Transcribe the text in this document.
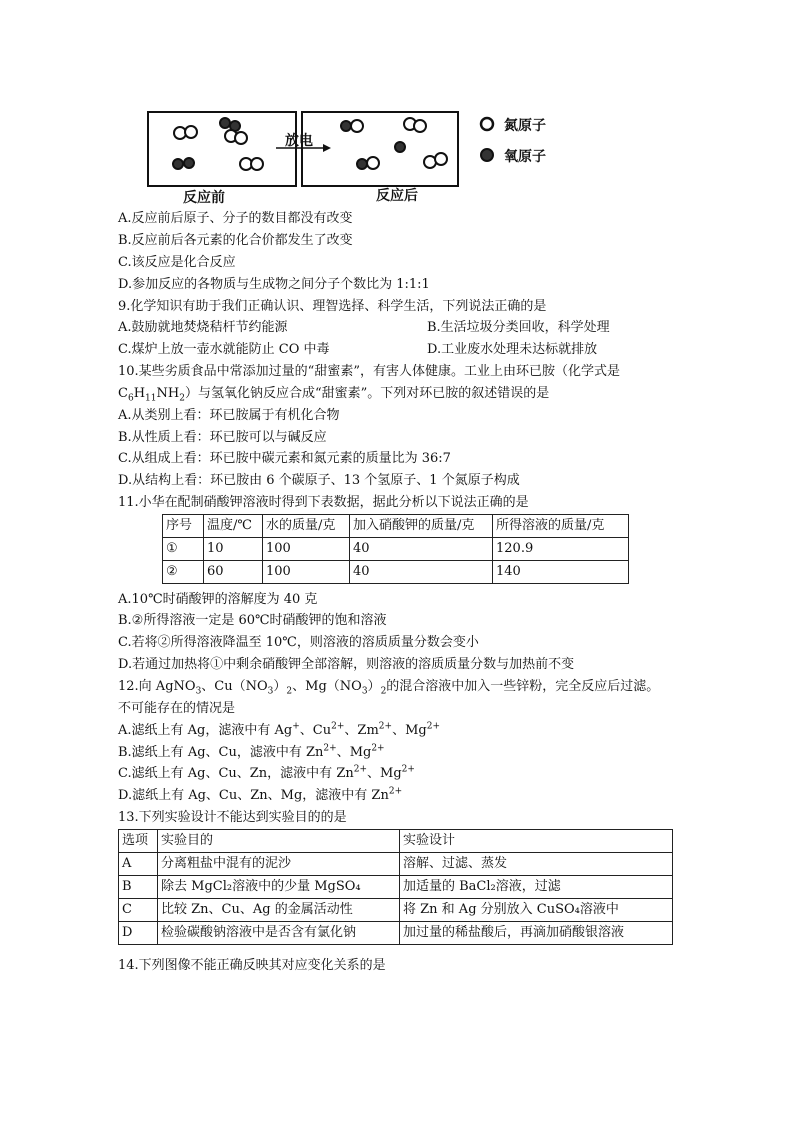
放电
反应前	反应后
氮原子
氧原子
A.反应前后原子、分子的数目都没有改变
B.反应前后各元素的化合价都发生了改变
C.该反应是化合反应
D.参加反应的各物质与生成物之间分子个数比为 1:1:1
9.化学知识有助于我们正确认识、理智选择、科学生活，下列说法正确的是
A.鼓励就地焚烧秸杆节约能源	B.生活垃圾分类回收，科学处理
C.煤炉上放一壶水就能防止 CO 中毒	D.工业废水处理未达标就排放
10.某些劣质食品中常添加过量的“甜蜜素”，有害人体健康。工业上由环已胺（化学式是
$C_6H_{11}NH_2$）与氢氧化钠反应合成“甜蜜素”。下列对环已胺的叙述错误的是
A.从类别上看：环已胺属于有机化合物
B.从性质上看：环已胺可以与碱反应
C.从组成上看：环已胺中碳元素和氮元素的质量比为 36:7
D.从结构上看：环已胺由 6 个碳原子、13 个氢原子、1 个氮原子构成
11.小华在配制硝酸钾溶液时得到下表数据，据此分析以下说法正确的是
序号	温度/℃	水的质量/克	加入硝酸钾的质量/克	所得溶液的质量/克
①	10	100	40	120.9
②	60	100	40	140
A.10℃时硝酸钾的溶解度为 40 克
B.②所得溶液一定是 60℃时硝酸钾的饱和溶液
C.若将②所得溶液降温至 10℃，则溶液的溶质质量分数会变小
D.若通过加热将①中剩余硝酸钾全部溶解，则溶液的溶质质量分数与加热前不变
12.向 AgNO$_3$、$Cu(NO_3)_2$、$Mg(NO_3)_2$的混合溶液中加入一些锌粉，完全反应后过滤。
不可能存在的情况是
A.滤纸上有 Ag，滤液中有 Ag+、$Cu^{2+}$、$Zm^{2+}$、$Mg^{2+}$
B.滤纸上有 Ag、Cu，滤液中有 $Zn^{2+}$、$Mg^{2+}$
C.滤纸上有 Ag、Cu、Zn，滤液中有 $Zn^{2+}$、$Mg^{2+}$
D.滤纸上有 Ag、Cu、Zn、Mg，滤液中有 $Zn^{2+}$
13.下列实验设计不能达到实验目的的是
选项	实验目的	实验设计
A	分离粗盐中混有的泥沙	溶解、过滤、蒸发
B	除去 MgCl₂溶液中的少量 MgSO₄	加适量的 BaCl₂溶液，过滤
C	比较 Zn、Cu、Ag 的金属活动性	将 Zn 和 Ag 分别放入 CuSO₄溶液中
D	检验碳酸钠溶液中是否含有氯化钠	加过量的稀盐酸后，再滴加硝酸银溶液
14.下列图像不能正确反映其对应变化关系的是
